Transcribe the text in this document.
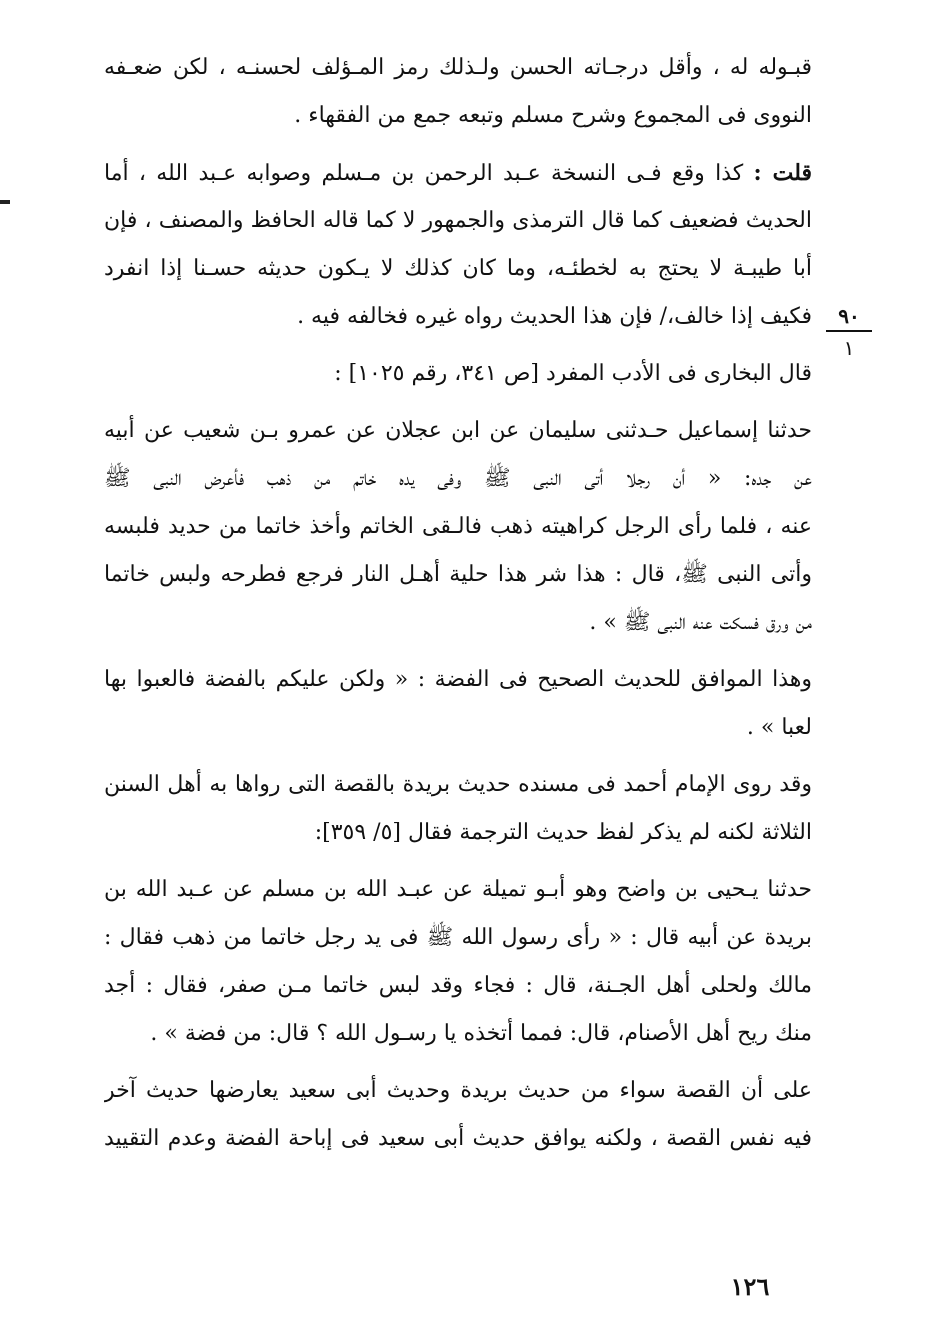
قبـوله له ، وأقل درجـاته الحسن ولـذلك رمز المـؤلف لحسنـه ، لكن ضعـفه
النووى فى المجموع وشرح مسلم وتبعه جمع من الفقهاء .
قلت : كذا وقع فـى النسخة عـبد الرحمن بن مـسلم وصوابه عـبد الله ، أما
الحديث فضعيف كما قال الترمذى والجمهور لا كما قاله الحافظ والمصنف ، فإن
أبا طيبـة لا يحتج به لخطئـه، وما كان كذلك لا يـكون حديثه حسـنا إذا انفرد
فكيف إذا خالف،/ فإن هذا الحديث رواه غيره فخالفه فيه .
قال البخارى فى الأدب المفرد [ص ٣٤١، رقم ١٠٢٥] :
حدثنا إسماعيل حـدثنى سليمان عن ابن عجلان عن عمرو بـن شعيب عن أبيه
عن جده: « أن رجلا أتى النبى ﷺ وفى يده خاتم من ذهب فأعرض النبى ﷺ
عنه ، فلما رأى الرجل كراهيته ذهب فالـقى الخاتم وأخذ خاتما من حديد فلبسه
وأتى النبى ﷺ، قال : هذا شر هذا حلية أهـل النار فرجع فطرحه ولبس خاتما
من ورق فسكت عنه النبى ﷺ » .
وهذا الموافق للحديث الصحيح فى الفضة : « ولكن عليكم بالفضة فالعبوا بها
لعبا » .
وقد روى الإمام أحمد فى مسنده حديث بريدة بالقصة التى رواها به أهل السنن
الثلاثة لكنه لم يذكر لفظ حديث الترجمة فقال [٥/ ٣٥٩]:
حدثنا يـحيى بن واضح وهو أبـو تميلة عن عبـد الله بن مسلم عن عـبد الله بن
بريدة عن أبيه قال : « رأى رسول الله ﷺ فى يد رجل خاتما من ذهب فقال :
مالك ولحلى أهل الجـنة، قال : فجاء وقد لبس خاتما مـن صفر، فقال : أجد
منك ريح أهل الأصنام، قال: فمما أتخذه يا رسـول الله ؟ قال: من فضة » .
على أن القصة سواء من حديث بريدة وحديث أبى سعيد يعارضها حديث آخر
فيه نفس القصة ، ولكنه يوافق حديث أبى سعيد فى إباحة الفضة وعدم التقييد
٩٠
١
١٢٦
